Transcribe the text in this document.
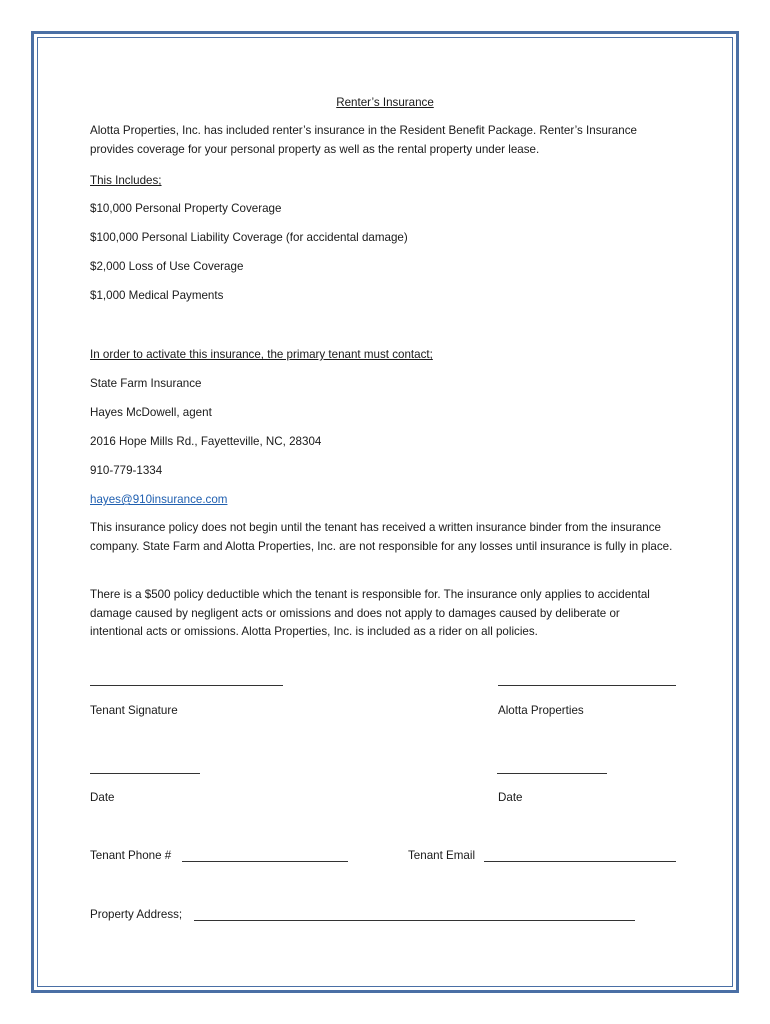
Renter’s Insurance
Alotta Properties, Inc. has included renter’s insurance in the Resident Benefit Package. Renter’s Insurance provides coverage for your personal property as well as the rental property under lease.
This Includes;
$10,000 Personal Property Coverage
$100,000 Personal Liability Coverage (for accidental damage)
$2,000 Loss of Use Coverage
$1,000 Medical Payments
In order to activate this insurance, the primary tenant must contact;
State Farm Insurance
Hayes McDowell, agent
2016 Hope Mills Rd., Fayetteville, NC, 28304
910-779-1334
hayes@910insurance.com
This insurance policy does not begin until the tenant has received a written insurance binder from the insurance company. State Farm and Alotta Properties, Inc. are not responsible for any losses until insurance is fully in place.
There is a $500 policy deductible which the tenant is responsible for. The insurance only applies to accidental damage caused by negligent acts or omissions and does not apply to damages caused by deliberate or intentional acts or omissions. Alotta Properties, Inc. is included as a rider on all policies.
Tenant Signature	Alotta Properties
Date	Date
Tenant Phone #	Tenant Email
Property Address;
